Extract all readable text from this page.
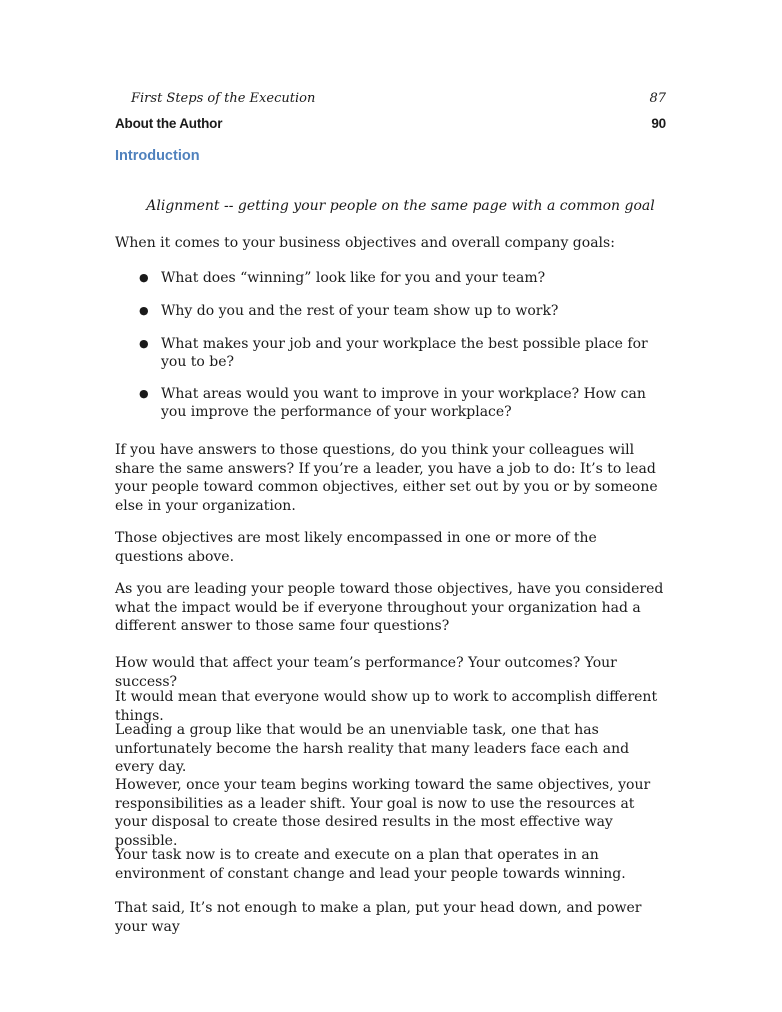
First Steps of the Execution	87
About the Author	90
Introduction
Alignment -- getting your people on the same page with a common goal

When it comes to your business objectives and overall company goals:

● What does “winning” look like for you and your team?
● Why do you and the rest of your team show up to work?
● What makes your job and your workplace the best possible place for you to be?
● What areas would you want to improve in your workplace? How can you improve the performance of your workplace?

If you have answers to those questions, do you think your colleagues will share the same answers? If you’re a leader, you have a job to do: It’s to lead your people toward common objectives, either set out by you or by someone else in your organization.

Those objectives are most likely encompassed in one or more of the questions above.

As you are leading your people toward those objectives, have you considered what the impact would be if everyone throughout your organization had a different answer to those same four questions?

How would that affect your team’s performance? Your outcomes? Your success?

It would mean that everyone would show up to work to accomplish different things.

Leading a group like that would be an unenviable task, one that has unfortunately become the harsh reality that many leaders face each and every day.

However, once your team begins working toward the same objectives, your responsibilities as a leader shift. Your goal is now to use the resources at your disposal to create those desired results in the most effective way possible.

Your task now is to create and execute on a plan that operates in an environment of constant change and lead your people towards winning.

That said, It’s not enough to make a plan, put your head down, and power your way
